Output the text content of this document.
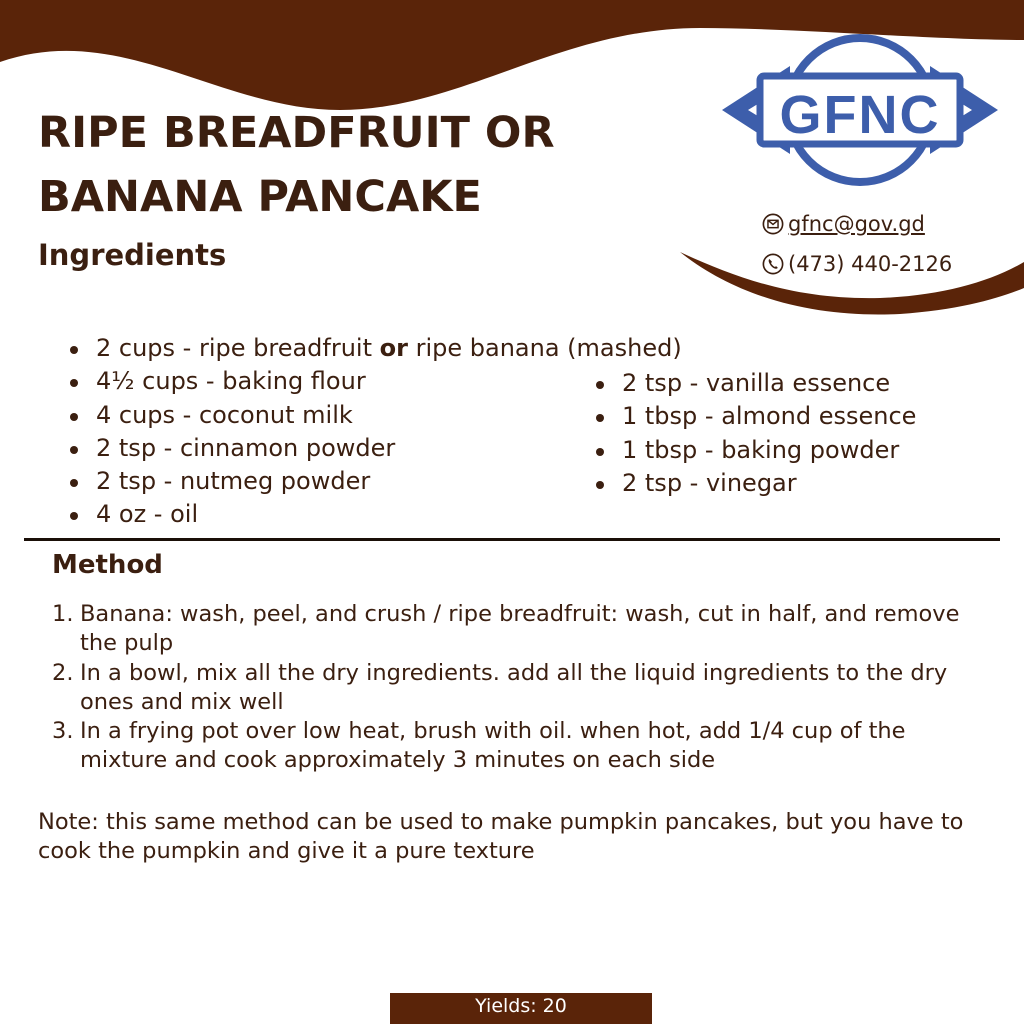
GFNC
RIPE BREADFRUIT OR
BANANA PANCAKE
gfnc@gov.gd
(473) 440-2126
Ingredients
2 cups - ripe breadfruit or ripe banana (mashed)
4½ cups - baking flour
4 cups - coconut milk
2 tsp - cinnamon powder
2 tsp - nutmeg powder
4 oz - oil
2 tsp - vanilla essence
1 tbsp - almond essence
1 tbsp - baking powder
2 tsp - vinegar
Method
1. Banana: wash, peel, and crush / ripe breadfruit: wash, cut in half, and remove the pulp
2. In a bowl, mix all the dry ingredients. add all the liquid ingredients to the dry ones and mix well
3. In a frying pot over low heat, brush with oil. when hot, add 1/4 cup of the mixture and cook approximately 3 minutes on each side

Note: this same method can be used to make pumpkin pancakes, but you have to cook the pumpkin and give it a pure texture

Yields: 20
